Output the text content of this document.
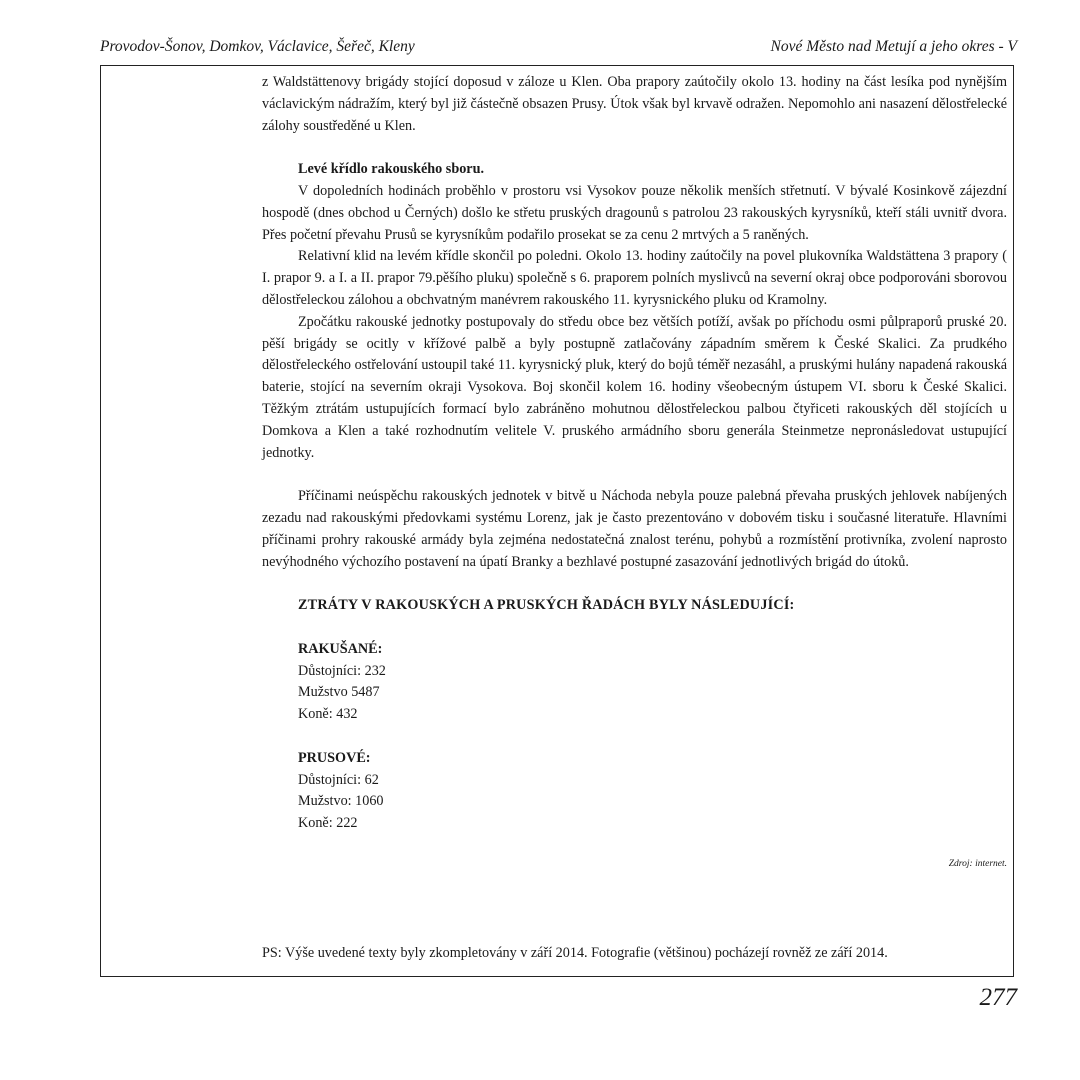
Provodov-Šonov, Domkov, Václavice, Šeřeč, Kleny	Nové Město nad Metují a jeho okres - V

z Waldstättenovy brigády stojící doposud v záloze u Klen. Oba prapory zaútočily okolo 13. hodiny na část lesíka pod nynějším václavickým nádražím, který byl již částečně obsazen Prusy. Útok však byl krvavě odražen. Nepomohlo ani nasazení dělostřelecké zálohy soustředěné u Klen.

Levé křídlo rakouského sboru.

V dopoledních hodinách proběhlo v prostoru vsi Vysokov pouze několik menších střetnutí. V bývalé Kosinkově zájezdní hospodě (dnes obchod u Černých) došlo ke střetu pruských dragounů s patrolou 23 rakouských kyrysníků, kteří stáli uvnitř dvora. Přes početní převahu Prusů se kyrysníkům podařilo prosekat se za cenu 2 mrtvých a 5 raněných.

Relativní klid na levém křídle skončil po poledni. Okolo 13. hodiny zaútočily na povel plukovníka Waldstättena 3 prapory ( I. prapor 9. a I. a II. prapor 79.pěšího pluku) společně s 6. praporem polních myslivců na severní okraj obce podporováni sborovou dělostřeleckou zálohou a obchvatným manévrem rakouského 11. kyrysnického pluku od Kramolny.

Zpočátku rakouské jednotky postupovaly do středu obce bez větších potíží, avšak po příchodu osmi půlpraporů pruské 20. pěší brigády se ocitly v křížové palbě a byly postupně zatlačovány západním směrem k České Skalici. Za prudkého dělostřeleckého ostřelování ustoupil také 11. kyrysnický pluk, který do bojů téměř nezasáhl, a pruskými hulány napadená rakouská baterie, stojící na severním okraji Vysokova. Boj skončil kolem 16. hodiny všeobecným ústupem VI. sboru k České Skalici. Těžkým ztrátám ustupujících formací bylo zabráněno mohutnou dělostřeleckou palbou čtyřiceti rakouských děl stojících u Domkova a Klen a také rozhodnutím velitele V. pruského armádního sboru generála Steinmetze nepronásledovat ustupující jednotky.

Příčinami neúspěchu rakouských jednotek v bitvě u Náchoda nebyla pouze palebná převaha pruských jehlovek nabíjených zezadu nad rakouskými předovkami systému Lorenz, jak je často prezentováno v dobovém tisku i současné literatuře. Hlavními příčinami prohry rakouské armády byla zejména nedostatečná znalost terénu, pohybů a rozmístění protivníka, zvolení naprosto nevýhodného výchozího postavení na úpatí Branky a bezhlavé postupné zasazování jednotlivých brigád do útoků.

ZTRÁTY V RAKOUSKÝCH A PRUSKÝCH ŘADÁCH BYLY NÁSLEDUJÍCÍ:
RAKUŠANÉ:
Důstojníci: 232
Mužstvo 5487
Koně: 432
PRUSOVÉ:
Důstojníci: 62
Mužstvo: 1060
Koně: 222
Zdroj: internet.
PS: Výše uvedené texty byly zkompletovány v září 2014. Fotografie (většinou) pocházejí rovněž ze září 2014.
277
